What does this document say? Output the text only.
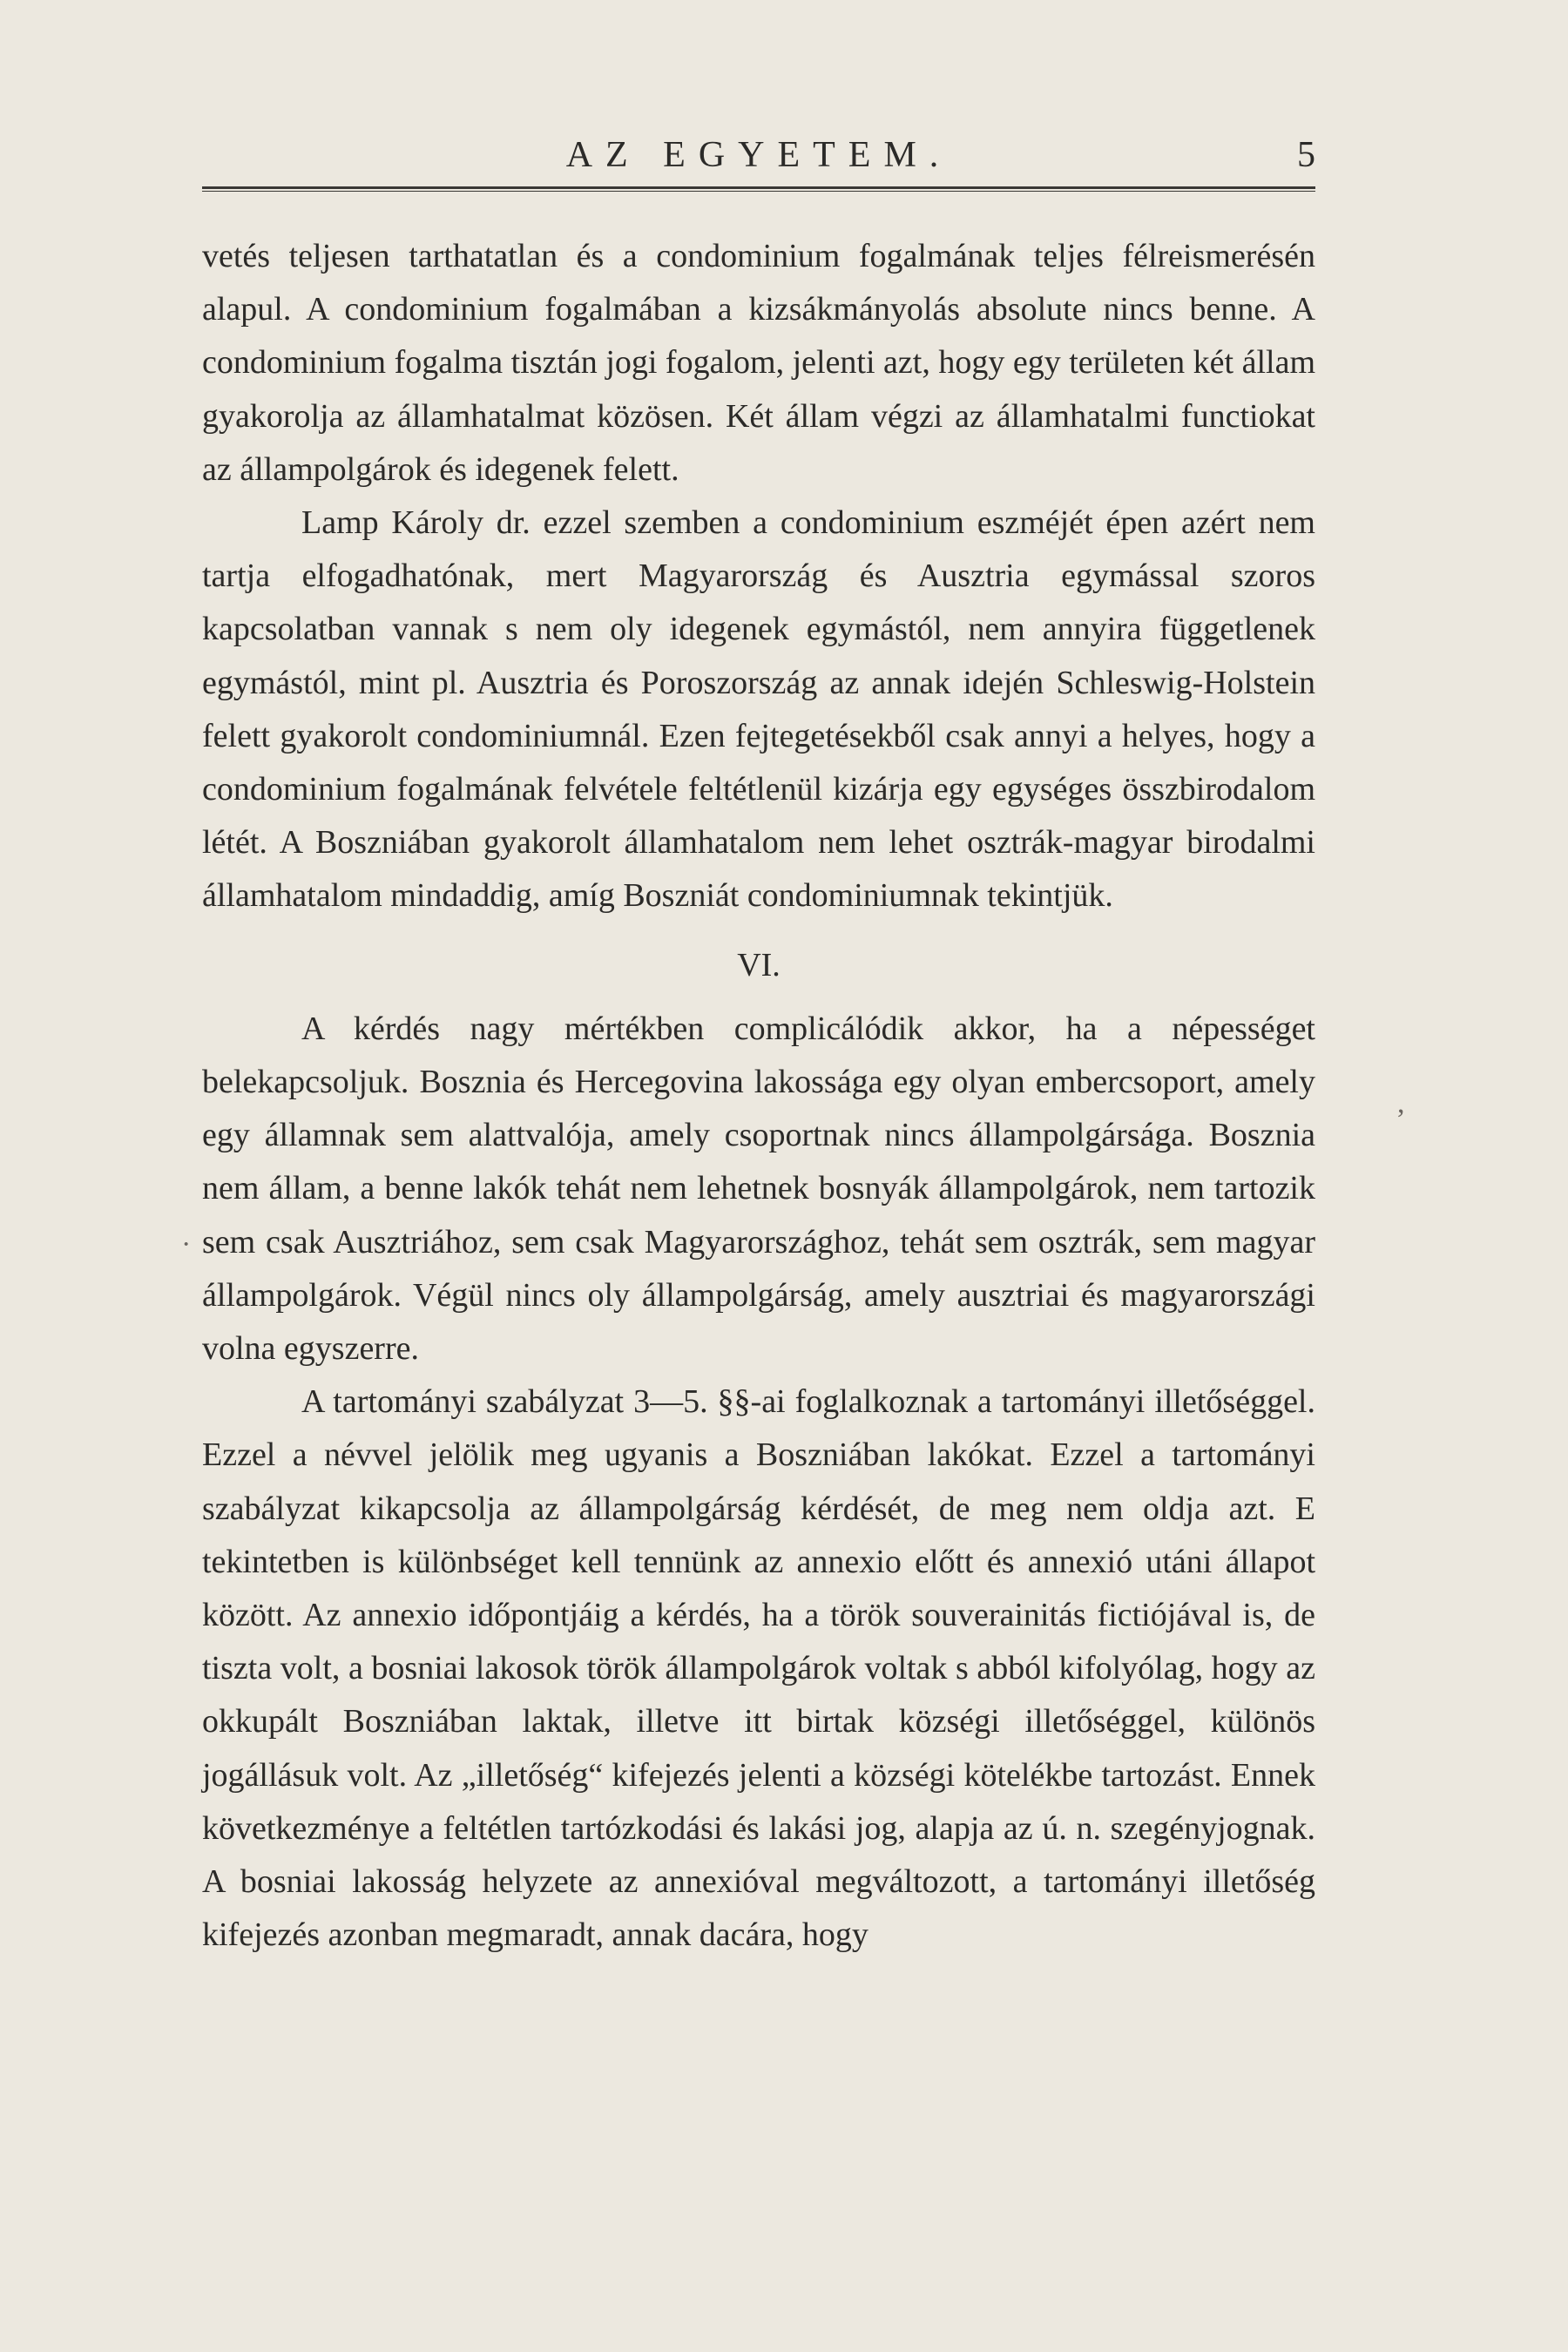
AZ EGYETEM.	5

vetés teljesen tarthatatlan és a condominium fogalmának teljes félreismerésén alapul. A condominium fogalmában a kizsákmányolás absolute nincs benne. A condominium fogalma tisztán jogi fogalom, jelenti azt, hogy egy területen két állam gyakorolja az államhatalmat közösen. Két állam végzi az államhatalmi functiokat az állampolgárok és idegenek felett.

Lamp Károly dr. ezzel szemben a condominium eszméjét épen azért nem tartja elfogadhatónak, mert Magyarország és Ausztria egymással szoros kapcsolatban vannak s nem oly idegenek egymástól, nem annyira függetlenek egymástól, mint pl. Ausztria és Poroszország az annak idején Schleswig-Holstein felett gyakorolt condominiumnál. Ezen fejtegetésekből csak annyi a helyes, hogy a condominium fogalmának felvétele feltétlenül kizárja egy egységes összbirodalom létét. A Boszniában gyakorolt államhatalom nem lehet osztrák-magyar birodalmi államhatalom mindaddig, amíg Boszniát condominiumnak tekintjük.

VI.

A kérdés nagy mértékben complicálódik akkor, ha a népességet belekapcsoljuk. Bosznia és Hercegovina lakossága egy olyan embercsoport, amely egy államnak sem alattvalója, amely csoportnak nincs állampolgársága. Bosznia nem állam, a benne lakók tehát nem lehetnek bosnyák állampolgárok, nem tartozik sem csak Ausztriához, sem csak Magyarországhoz, tehát sem osztrák, sem magyar állampolgárok. Végül nincs oly állampolgárság, amely ausztriai és magyarországi volna egyszerre.

A tartományi szabályzat 3—5. §§-ai foglalkoznak a tartományi illetőséggel. Ezzel a névvel jelölik meg ugyanis a Boszniában lakókat. Ezzel a tartományi szabályzat kikapcsolja az állampolgárság kérdését, de meg nem oldja azt. E tekintetben is különbséget kell tennünk az annexio előtt és annexió utáni állapot között. Az annexio időpontjáig a kérdés, ha a török souverainitás fictiójával is, de tiszta volt, a bosniai lakosok török állampolgárok voltak s abból kifolyólag, hogy az okkupált Boszniában laktak, illetve itt birtak községi illetőséggel, különös jogállásuk volt. Az „illetőség“ kifejezés jelenti a községi kötelékbe tartozást. Ennek következménye a feltétlen tartózkodási és lakási jog, alapja az ú. n. szegényjognak. A bosniai lakosság helyzete az annexióval megváltozott, a tartományi illetőség kifejezés azonban megmaradt, annak dacára, hogy

,
·
